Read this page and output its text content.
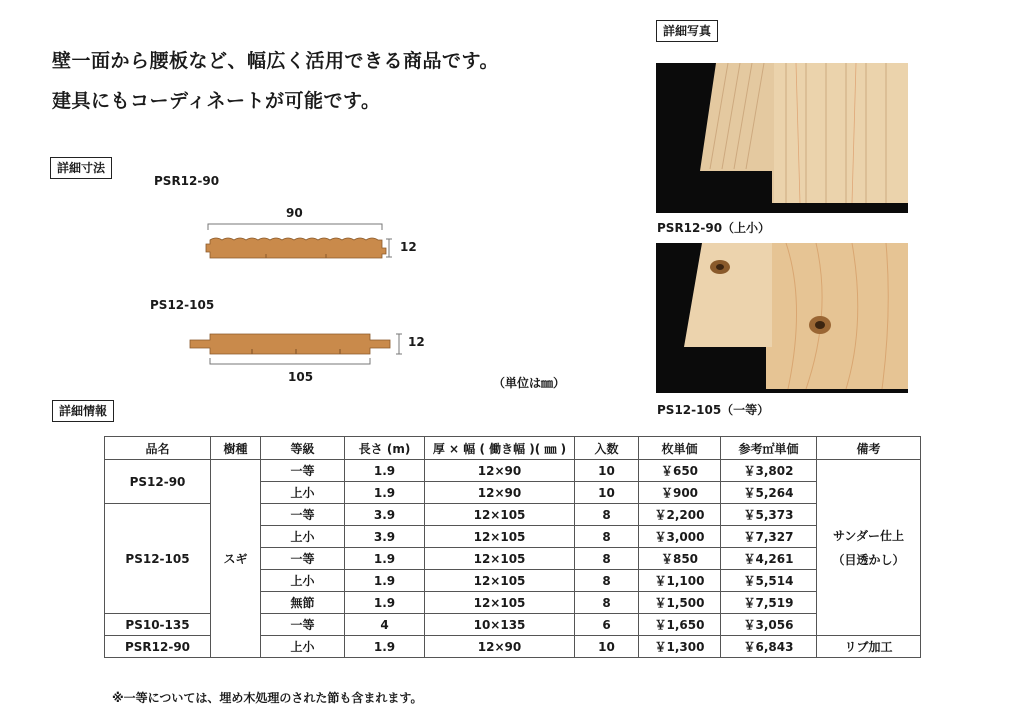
壁一面から腰板など、幅広く活用できる商品です。
建具にもコーディネートが可能です。
詳細寸法
詳細写真
詳細情報
PSR12-90
90
12
PS12-105
12
105	（単位は㎜）
PSR12-90（上小）
PS12-105（一等）
品名	樹種	等級	長さ (m)	厚 × 幅 ( 働き幅 )( ㎜ )	入数	枚単価	参考㎡単価	備考
PS12-90	スギ	一等	1.9	12×90	10	￥650	￥3,802	サンダー仕上
（目透かし）
		上小	1.9	12×90	10	￥900	￥5,264	
PS12-105		一等	3.9	12×105	8	￥2,200	￥5,373	
		上小	3.9	12×105	8	￥3,000	￥7,327	
		一等	1.9	12×105	8	￥850	￥4,261	
		上小	1.9	12×105	8	￥1,100	￥5,514	
		無節	1.9	12×105	8	￥1,500	￥7,519	
PS10-135		一等	4	10×135	6	￥1,650	￥3,056	
PSR12-90		上小	1.9	12×90	10	￥1,300	￥6,843	リブ加工
※一等については、埋め木処理のされた節も含まれます。
